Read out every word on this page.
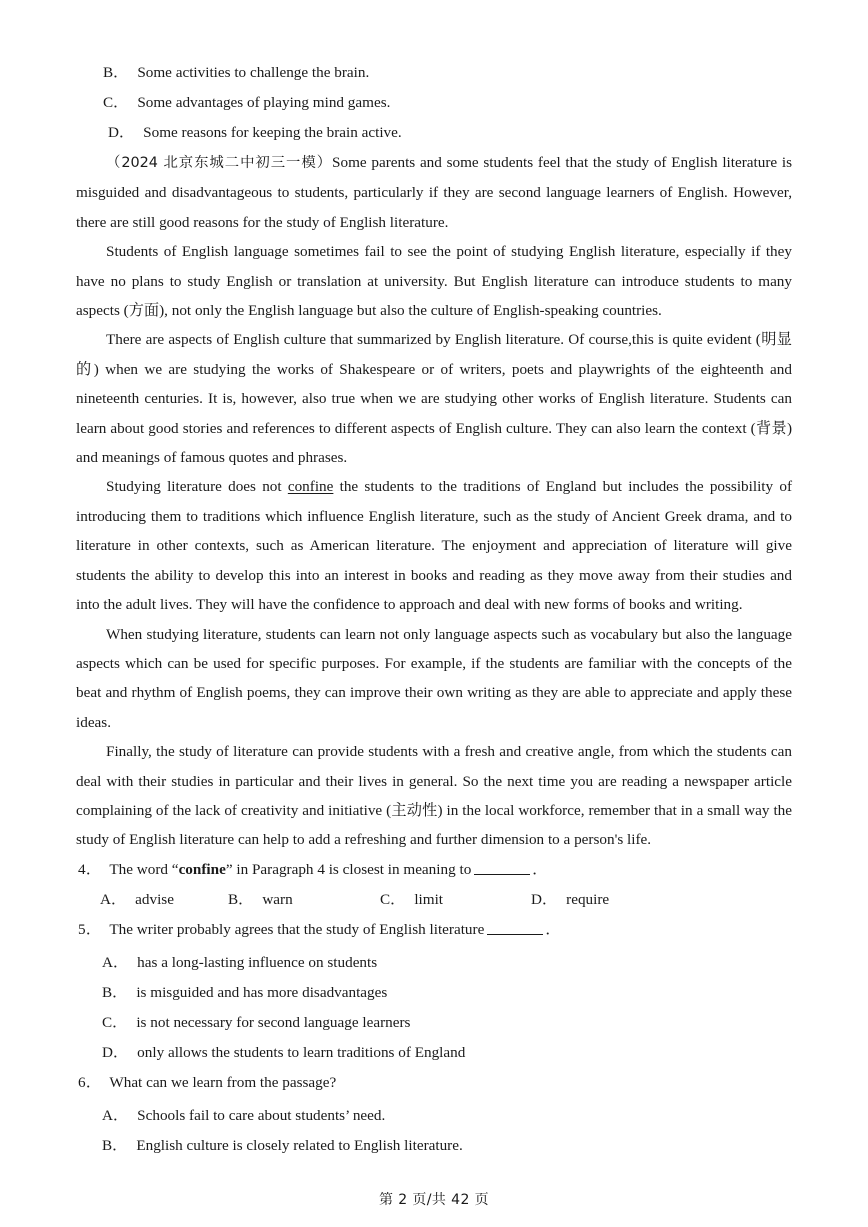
B． Some activities to challenge the brain.

C． Some advantages of playing mind games.

D． Some reasons for keeping the brain active.

（2024 北京东城二中初三一模）Some parents and some students feel that the study of English literature is misguided and disadvantageous to students, particularly if they are second language learners of English. However, there are still good reasons for the study of English literature.

Students of English language sometimes fail to see the point of studying English literature, especially if they have no plans to study English or translation at university. But English literature can introduce students to many aspects (方面), not only the English language but also the culture of English-speaking countries.

There are aspects of English culture that summarized by English literature. Of course,this is quite evident (明显的) when we are studying the works of Shakespeare or of writers, poets and playwrights of the eighteenth and nineteenth centuries. It is, however, also true when we are studying other works of English literature. Students can learn about good stories and references to different aspects of English culture. They can also learn the context (背景) and meanings of famous quotes and phrases.

Studying literature does not confine the students to the traditions of England but includes the possibility of introducing them to traditions which influence English literature, such as the study of Ancient Greek drama, and to literature in other contexts, such as American literature. The enjoyment and appreciation of literature will give students the ability to develop this into an interest in books and reading as they move away from their studies and into the adult lives. They will have the confidence to approach and deal with new forms of books and writing.

When studying literature, students can learn not only language aspects such as vocabulary but also the language aspects which can be used for specific purposes. For example, if the students are familiar with the concepts of the beat and rhythm of English poems, they can improve their own writing as they are able to appreciate and apply these ideas.

Finally, the study of literature can provide students with a fresh and creative angle, from which the students can deal with their studies in particular and their lives in general. So the next time you are reading a newspaper article complaining of the lack of creativity and initiative (主动性) in the local workforce, remember that in a small way the study of English literature can help to add a refreshing and further dimension to a person's life.

4． The word “confine” in Paragraph 4 is closest in meaning to	．

A． advise	B． warn	C． limit	D． require

5． The writer probably agrees that the study of English literature	．

A． has a long-lasting influence on students

B． is misguided and has more disadvantages

C． is not necessary for second language learners

D． only allows the students to learn traditions of England

6． What can we learn from the passage?

A． Schools fail to care about students’ need.

B． English culture is closely related to English literature.

第 2 页/共 42 页
